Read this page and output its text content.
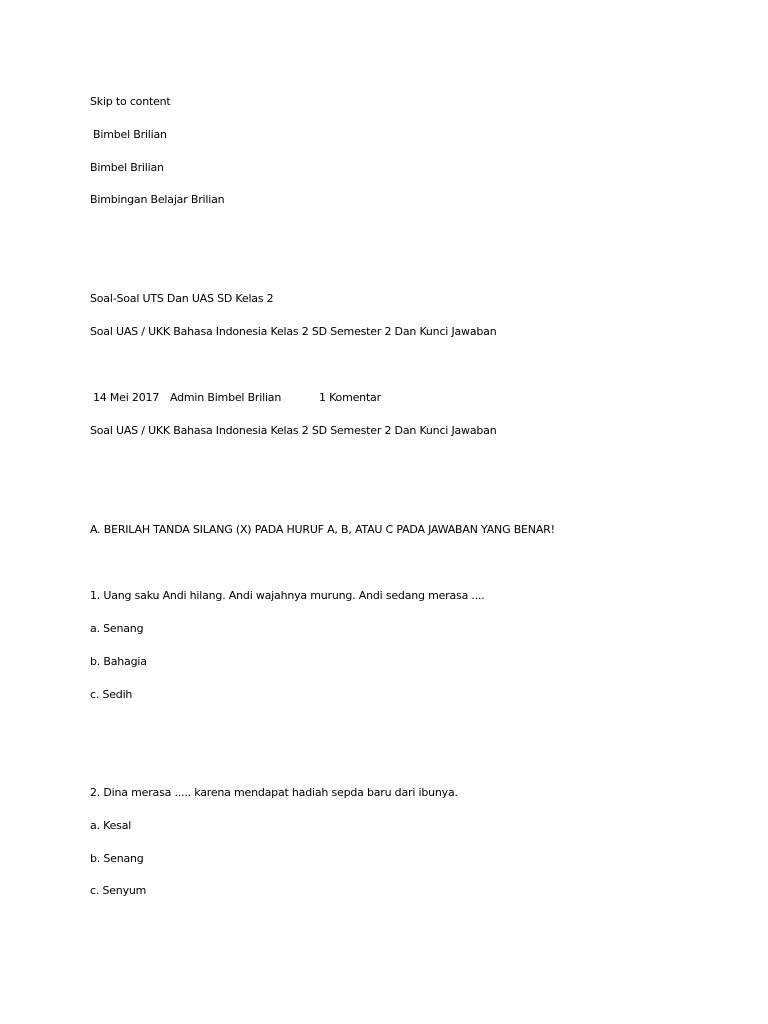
Skip to content
Bimbel Brilian
Bimbel Brilian
Bimbingan Belajar Brilian
Soal-Soal UTS Dan UAS SD Kelas 2
Soal UAS / UKK Bahasa Indonesia Kelas 2 SD Semester 2 Dan Kunci Jawaban
14 Mei 2017 Admin Bimbel Brilian	1 Komentar
Soal UAS / UKK Bahasa Indonesia Kelas 2 SD Semester 2 Dan Kunci Jawaban
A. BERILAH TANDA SILANG (X) PADA HURUF A, B, ATAU C PADA JAWABAN YANG BENAR!
1. Uang saku Andi hilang. Andi wajahnya murung. Andi sedang merasa ....
a. Senang
b. Bahagia
c. Sedih
2. Dina merasa ..... karena mendapat hadiah sepda baru dari ibunya.
a. Kesal
b. Senang
c. Senyum
